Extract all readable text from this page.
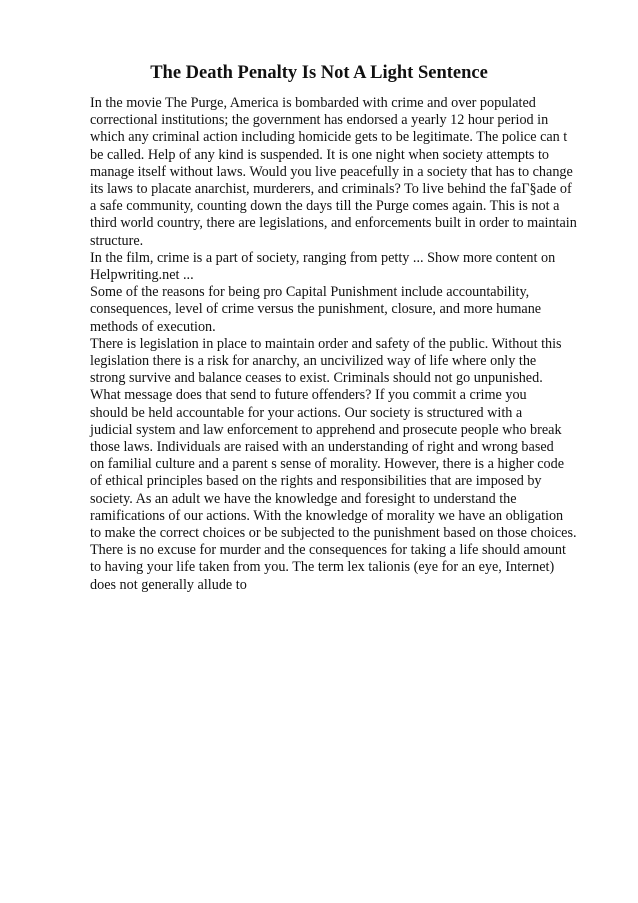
The Death Penalty Is Not A Light Sentence
In the movie The Purge, America is bombarded with crime and over populated
correctional institutions; the government has endorsed a yearly 12 hour period in
which any criminal action including homicide gets to be legitimate. The police can t
be called. Help of any kind is suspended. It is one night when society attempts to
manage itself without laws. Would you live peacefully in a society that has to change
its laws to placate anarchist, murderers, and criminals? To live behind the faГ§ade of
a safe community, counting down the days till the Purge comes again. This is not a
third world country, there are legislations, and enforcements built in order to maintain
structure.
In the film, crime is a part of society, ranging from petty ... Show more content on
Helpwriting.net ...
Some of the reasons for being pro Capital Punishment include accountability,
consequences, level of crime versus the punishment, closure, and more humane
methods of execution.
There is legislation in place to maintain order and safety of the public. Without this
legislation there is a risk for anarchy, an uncivilized way of life where only the
strong survive and balance ceases to exist. Criminals should not go unpunished.
What message does that send to future offenders? If you commit a crime you
should be held accountable for your actions. Our society is structured with a
judicial system and law enforcement to apprehend and prosecute people who break
those laws. Individuals are raised with an understanding of right and wrong based
on familial culture and a parent s sense of morality. However, there is a higher code
of ethical principles based on the rights and responsibilities that are imposed by
society. As an adult we have the knowledge and foresight to understand the
ramifications of our actions. With the knowledge of morality we have an obligation
to make the correct choices or be subjected to the punishment based on those choices.
There is no excuse for murder and the consequences for taking a life should amount
to having your life taken from you. The term lex talionis (eye for an eye, Internet)
does not generally allude to
